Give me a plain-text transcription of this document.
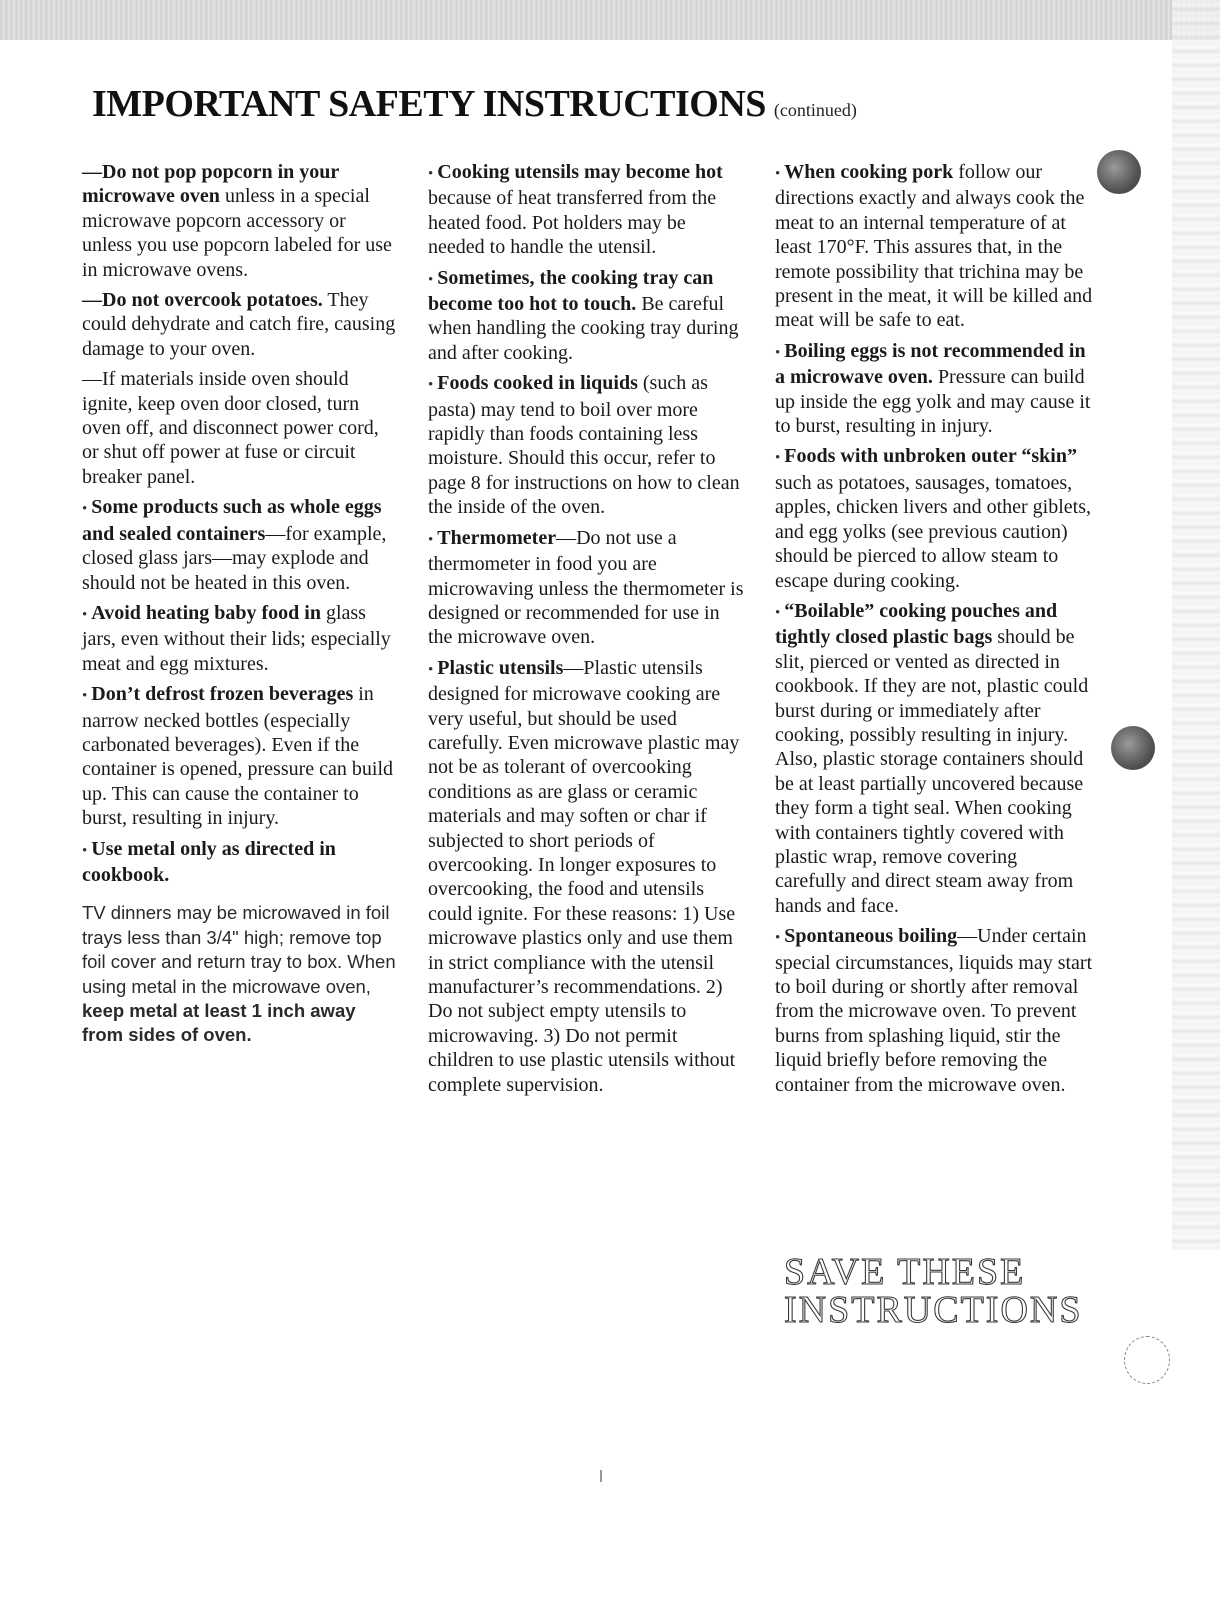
IMPORTANT SAFETY INSTRUCTIONS (continued)

—Do not pop popcorn in your microwave oven unless in a special microwave popcorn accessory or unless you use popcorn labeled for use in microwave ovens.

—Do not overcook potatoes. They could dehydrate and catch fire, causing damage to your oven.

—If materials inside oven should ignite, keep oven door closed, turn oven off, and disconnect power cord, or shut off power at fuse or circuit breaker panel.

• Some products such as whole eggs and sealed containers—for example, closed glass jars—may explode and should not be heated in this oven.

• Avoid heating baby food in glass jars, even without their lids; especially meat and egg mixtures.

• Don’t defrost frozen beverages in narrow necked bottles (especially carbonated beverages). Even if the container is opened, pressure can build up. This can cause the container to burst, resulting in injury.

• Use metal only as directed in cookbook.

TV dinners may be microwaved in foil trays less than 3/4" high; remove top foil cover and return tray to box. When using metal in the microwave oven, keep metal at least 1 inch away from sides of oven.

• Cooking utensils may become hot because of heat transferred from the heated food. Pot holders may be needed to handle the utensil.

• Sometimes, the cooking tray can become too hot to touch. Be careful when handling the cooking tray during and after cooking.

• Foods cooked in liquids (such as pasta) may tend to boil over more rapidly than foods containing less moisture. Should this occur, refer to page 8 for instructions on how to clean the inside of the oven.

• Thermometer—Do not use a thermometer in food you are microwaving unless the thermometer is designed or recommended for use in the microwave oven.

• Plastic utensils—Plastic utensils designed for microwave cooking are very useful, but should be used carefully. Even microwave plastic may not be as tolerant of overcooking conditions as are glass or ceramic materials and may soften or char if subjected to short periods of overcooking. In longer exposures to overcooking, the food and utensils could ignite. For these reasons: 1) Use microwave plastics only and use them in strict compliance with the utensil manufacturer’s recommendations. 2) Do not subject empty utensils to microwaving. 3) Do not permit children to use plastic utensils without complete supervision.

• When cooking pork follow our directions exactly and always cook the meat to an internal temperature of at least 170°F. This assures that, in the remote possibility that trichina may be present in the meat, it will be killed and meat will be safe to eat.

• Boiling eggs is not recommended in a microwave oven. Pressure can build up inside the egg yolk and may cause it to burst, resulting in injury.

• Foods with unbroken outer “skin” such as potatoes, sausages, tomatoes, apples, chicken livers and other giblets, and egg yolks (see previous caution) should be pierced to allow steam to escape during cooking.

• “Boilable” cooking pouches and tightly closed plastic bags should be slit, pierced or vented as directed in cookbook. If they are not, plastic could burst during or immediately after cooking, possibly resulting in injury. Also, plastic storage containers should be at least partially uncovered because they form a tight seal. When cooking with containers tightly covered with plastic wrap, remove covering carefully and direct steam away from hands and face.

• Spontaneous boiling—Under certain special circumstances, liquids may start to boil during or shortly after removal from the microwave oven. To prevent burns from splashing liquid, stir the liquid briefly before removing the container from the microwave oven.

SAVE THESE
INSTRUCTIONS
